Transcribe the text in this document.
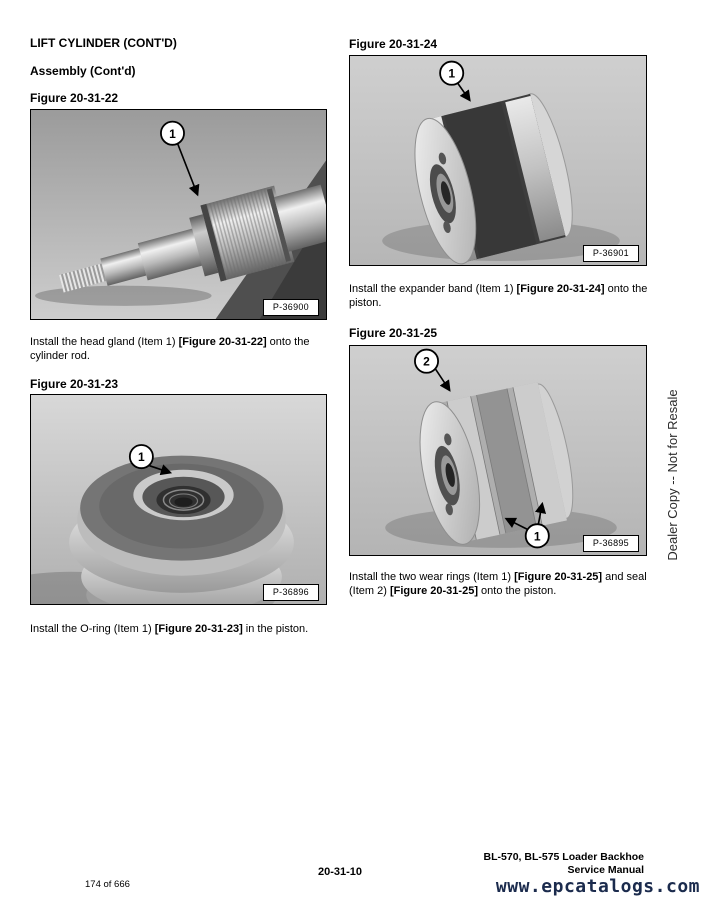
LIFT CYLINDER (CONT'D)
Assembly (Cont'd)
Figure 20-31-22
1
P-36900

Install the head gland (Item 1) [Figure 20-31-22] onto the cylinder rod.

Figure 20-31-23
1
P-36896

Install the O-ring (Item 1) [Figure 20-31-23] in the piston.

Figure 20-31-24
1
P-36901

Install the expander band (Item 1) [Figure 20-31-24] onto the piston.

Figure 20-31-25
2
1	P-36895

Install the two wear rings (Item 1) [Figure 20-31-25] and seal (Item 2) [Figure 20-31-25] onto the piston.

Dealer Copy -- Not for Resale
174 of 666
20-31-10
BL-570, BL-575 Loader Backhoe
Service Manual
www.epcatalogs.com
